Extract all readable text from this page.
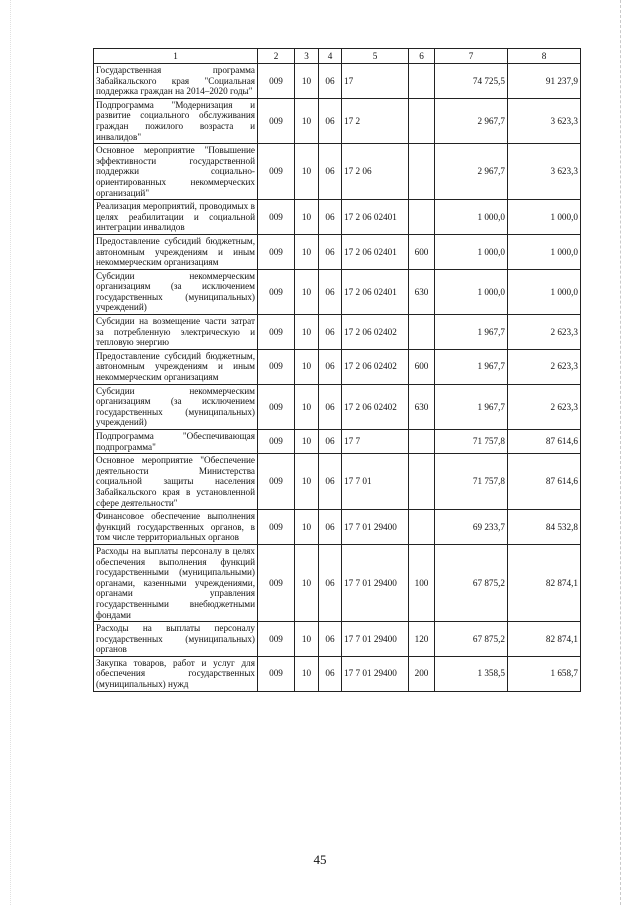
1	2	3	4	5	6	7	8
Государственная программа Забайкальского края "Социальная поддержка граждан на 2014–2020 годы"	009	10	06	17		74 725,5	91 237,9
Подпрограмма "Модернизация и развитие социального обслуживания граждан пожилого возраста и инвалидов"	009	10	06	17 2		2 967,7	3 623,3
Основное мероприятие "Повышение эффективности государственной поддержки социально-ориентированных некоммерческих организаций"	009	10	06	17 2 06		2 967,7	3 623,3
Реализация мероприятий, проводимых в целях реабилитации и социальной интеграции инвалидов	009	10	06	17 2 06 02401		1 000,0	1 000,0
Предоставление субсидий бюджетным, автономным учреждениям и иным некоммерческим организациям	009	10	06	17 2 06 02401	600	1 000,0	1 000,0
Субсидии некоммерческим организациям (за исключением государственных (муниципальных) учреждений)	009	10	06	17 2 06 02401	630	1 000,0	1 000,0
Субсидии на возмещение части затрат за потребленную электрическую и тепловую энергию	009	10	06	17 2 06 02402		1 967,7	2 623,3
Предоставление субсидий бюджетным, автономным учреждениям и иным некоммерческим организациям	009	10	06	17 2 06 02402	600	1 967,7	2 623,3
Субсидии некоммерческим организациям (за исключением государственных (муниципальных) учреждений)	009	10	06	17 2 06 02402	630	1 967,7	2 623,3
Подпрограмма "Обеспечивающая подпрограмма"	009	10	06	17 7		71 757,8	87 614,6
Основное мероприятие "Обеспечение деятельности Министерства социальной защиты населения Забайкальского края в установленной сфере деятельности"	009	10	06	17 7 01		71 757,8	87 614,6
Финансовое обеспечение выполнения функций государственных органов, в том числе территориальных органов	009	10	06	17 7 01 29400		69 233,7	84 532,8
Расходы на выплаты персоналу в целях обеспечения выполнения функций государственными (муниципальными) органами, казенными учреждениями, органами управления государственными внебюджетными фондами	009	10	06	17 7 01 29400	100	67 875,2	82 874,1
Расходы на выплаты персоналу государственных (муниципальных) органов	009	10	06	17 7 01 29400	120	67 875,2	82 874,1
Закупка товаров, работ и услуг для обеспечения государственных (муниципальных) нужд	009	10	06	17 7 01 29400	200	1 358,5	1 658,7
45
